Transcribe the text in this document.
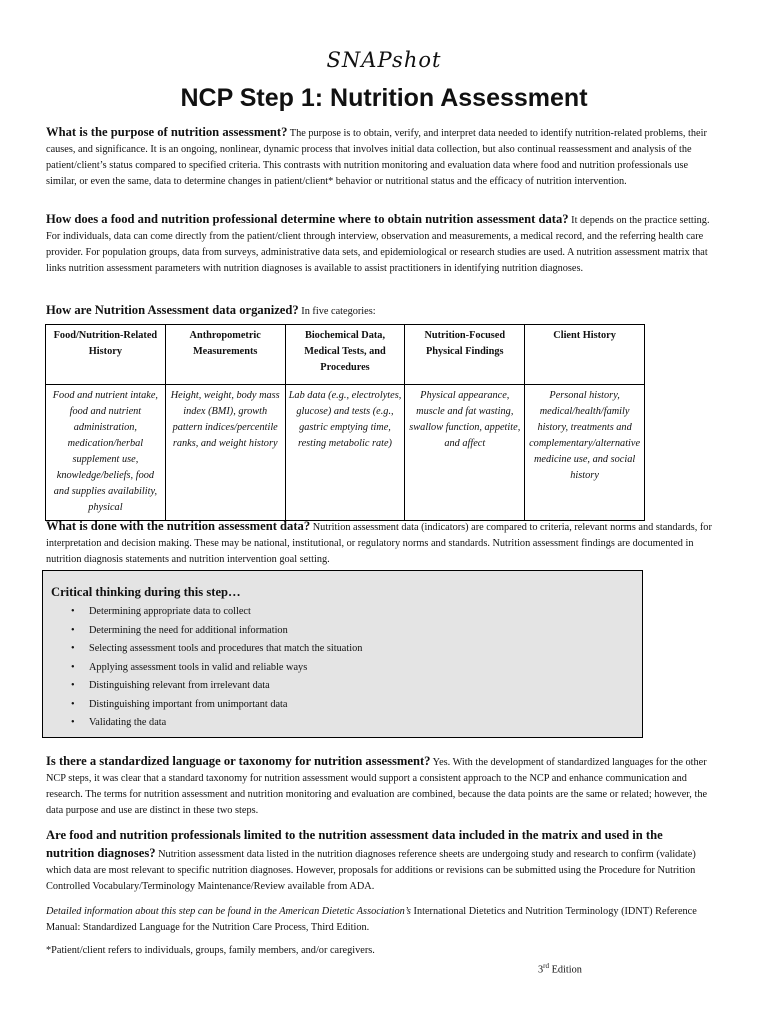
SNAPshot
NCP Step 1: Nutrition Assessment
What is the purpose of nutrition assessment? The purpose is to obtain, verify, and interpret data needed to identify nutrition-related problems, their causes, and significance. It is an ongoing, nonlinear, dynamic process that involves initial data collection, but also continual reassessment and analysis of the patient/client’s status compared to specified criteria. This contrasts with nutrition monitoring and evaluation data where food and nutrition professionals use similar, or even the same, data to determine changes in patient/client* behavior or nutritional status and the efficacy of nutrition intervention.
How does a food and nutrition professional determine where to obtain nutrition assessment data? It depends on the practice setting. For individuals, data can come directly from the patient/client through interview, observation and measurements, a medical record, and the referring health care provider. For population groups, data from surveys, administrative data sets, and epidemiological or research studies are used. A nutrition assessment matrix that links nutrition assessment parameters with nutrition diagnoses is available to assist practitioners in identifying nutrition diagnoses.
How are Nutrition Assessment data organized? In five categories:
Food/Nutrition-Related History	Anthropometric Measurements	Biochemical Data, Medical Tests, and Procedures	Nutrition-Focused Physical Findings	Client History
Food and nutrient intake, food and nutrient administration, medication/herbal supplement use, knowledge/beliefs, food and supplies availability, physical	Height, weight, body mass index (BMI), growth pattern indices/percentile ranks, and weight history	Lab data (e.g., electrolytes, glucose) and tests (e.g., gastric emptying time, resting metabolic rate)	Physical appearance, muscle and fat wasting, swallow function, appetite, and affect	Personal history, medical/health/family history, treatments and complementary/alternative medicine use, and social history
What is done with the nutrition assessment data? Nutrition assessment data (indicators) are compared to criteria, relevant norms and standards, for interpretation and decision making. These may be national, institutional, or regulatory norms and standards. Nutrition assessment findings are documented in nutrition diagnosis statements and nutrition intervention goal setting.
Critical thinking during this step…
• Determining appropriate data to collect
• Determining the need for additional information
• Selecting assessment tools and procedures that match the situation
• Applying assessment tools in valid and reliable ways
• Distinguishing relevant from irrelevant data
• Distinguishing important from unimportant data
• Validating the data
Is there a standardized language or taxonomy for nutrition assessment? Yes. With the development of standardized languages for the other NCP steps, it was clear that a standard taxonomy for nutrition assessment would support a consistent approach to the NCP and enhance communication and research. The terms for nutrition assessment and nutrition monitoring and evaluation are combined, because the data points are the same or related; however, the data purpose and use are distinct in these two steps.
Are food and nutrition professionals limited to the nutrition assessment data included in the matrix and used in the nutrition diagnoses? Nutrition assessment data listed in the nutrition diagnoses reference sheets are undergoing study and research to confirm (validate) which data are most relevant to specific nutrition diagnoses. However, proposals for additions or revisions can be submitted using the Procedure for Nutrition Controlled Vocabulary/Terminology Maintenance/Review available from ADA.
Detailed information about this step can be found in the American Dietetic Association’s International Dietetics and Nutrition Terminology (IDNT) Reference Manual: Standardized Language for the Nutrition Care Process, Third Edition.
*Patient/client refers to individuals, groups, family members, and/or caregivers.
3rd Edition
